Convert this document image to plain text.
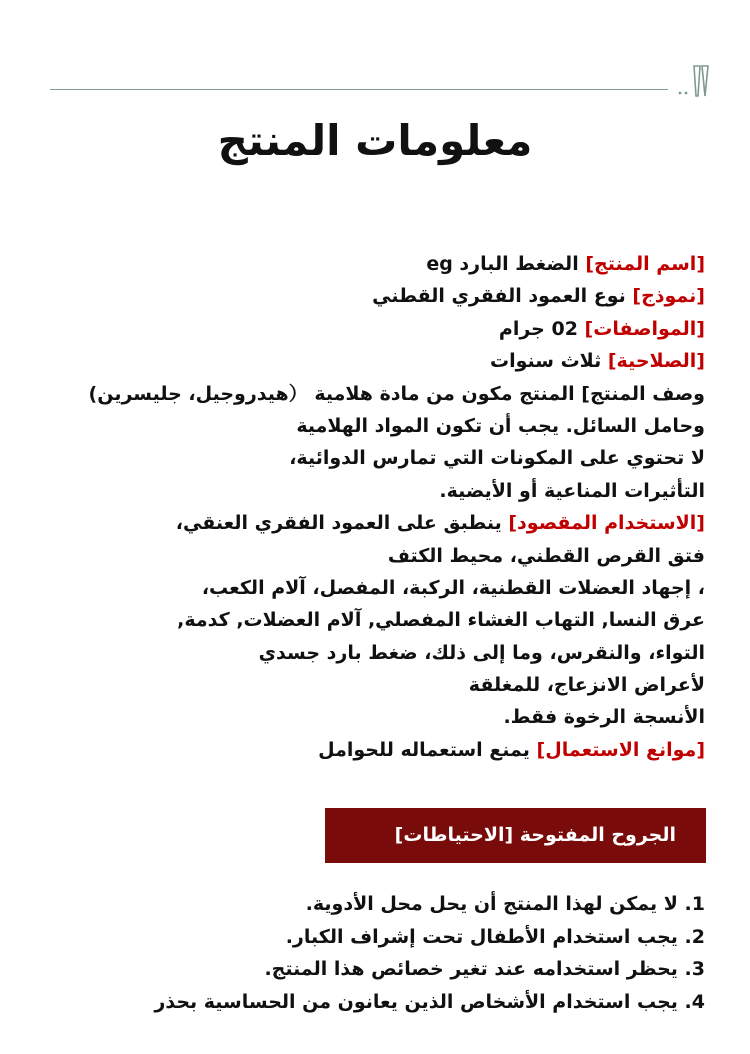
معلومات المنتج
[اسم المنتج] الضغط البارد eg
[نموذج] نوع العمود الفقري القطني
[المواصفات] 02 جرام
[الصلاحية] ثلاث سنوات
وصف المنتج] المنتج مكون من مادة هلامية （هيدروجيل، جليسرين)
وحامل السائل. يجب أن تكون المواد الهلامية
لا تحتوي على المكونات التي تمارس الدوائية،
التأثيرات المناعية أو الأيضية.
[الاستخدام المقصود] ينطبق على العمود الفقري العنقي،
فتق القرص القطني، محيط الكتف
، إجهاد العضلات القطنية، الركبة، المفصل، آلام الكعب،
عرق النسا, التهاب الغشاء المفصلي, آلام العضلات, كدمة,
التواء، والنقرس، وما إلى ذلك، ضغط بارد جسدي
لأعراض الانزعاج، للمغلقة
الأنسجة الرخوة فقط.
[موانع الاستعمال] يمنع استعماله للحوامل
الجروح المفتوحة [الاحتياطات]
1. لا يمكن لهذا المنتج أن يحل محل الأدوية.
2. يجب استخدام الأطفال تحت إشراف الكبار.
3. يحظر استخدامه عند تغير خصائص هذا المنتج.
4. يجب استخدام الأشخاص الذين يعانون من الحساسية بحذر
